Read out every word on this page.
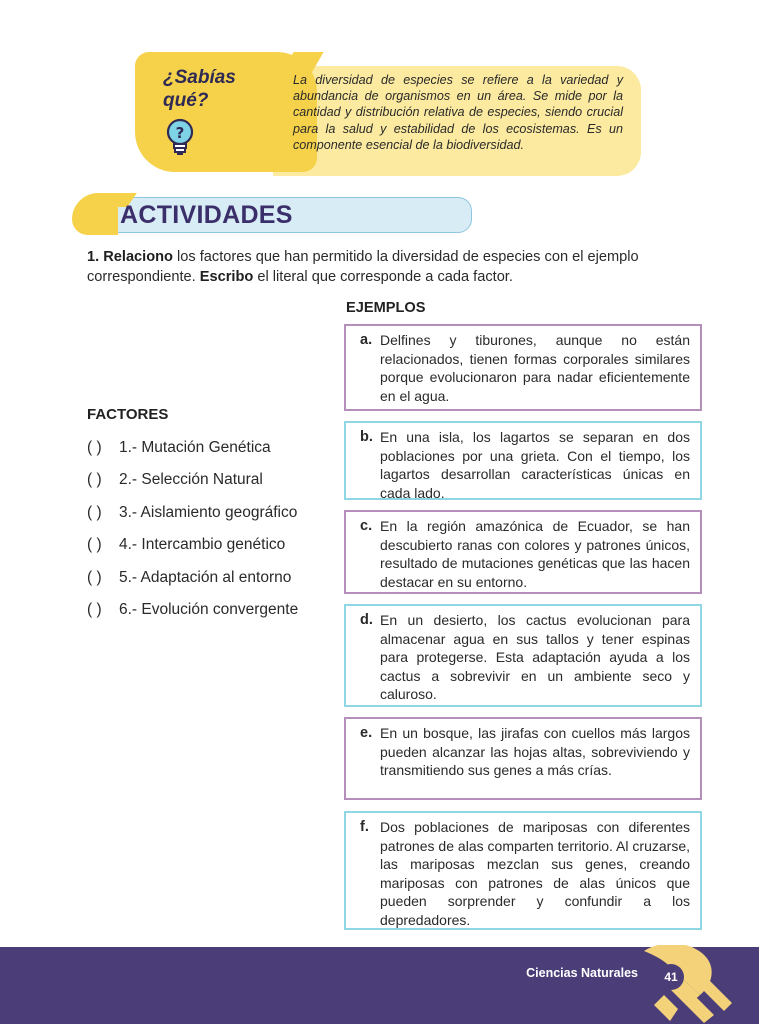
¿Sabías qué?
?

La diversidad de especies se refiere a la variedad y abundancia de organismos en un área. Se mide por la cantidad y distribución relativa de especies, siendo crucial para la salud y estabilidad de los ecosistemas. Es un componente esencial de la biodiversidad.

ACTIVIDADES

1. Relaciono los factores que han permitido la diversidad de especies con el ejemplo correspondiente. Escribo el literal que corresponde a cada factor.

FACTORES
( ) 1.- Mutación Genética
( ) 2.- Selección Natural
( ) 3.- Aislamiento geográfico
( ) 4.- Intercambio genético
( ) 5.- Adaptación al entorno
( ) 6.- Evolución convergente
EJEMPLOS
a. Delfines y tiburones, aunque no están relacionados, tienen formas corporales similares porque evolucionaron para nadar eficientemente en el agua.
b. En una isla, los lagartos se separan en dos poblaciones por una grieta. Con el tiempo, los lagartos desarrollan características únicas en cada lado.
c. En la región amazónica de Ecuador, se han descubierto ranas con colores y patrones únicos, resultado de mutaciones genéticas que las hacen destacar en su entorno.
d. En un desierto, los cactus evolucionan para almacenar agua en sus tallos y tener espinas para protegerse. Esta adaptación ayuda a los cactus a sobrevivir en un ambiente seco y caluroso.
e. En un bosque, las jirafas con cuellos más largos pueden alcanzar las hojas altas, sobreviviendo y transmitiendo sus genes a más crías.
f. Dos poblaciones de mariposas con diferentes patrones de alas comparten territorio. Al cruzarse, las mariposas mezclan sus genes, creando mariposas con patrones de alas únicos que pueden sorprender y confundir a los depredadores.
Ciencias Naturales	41
